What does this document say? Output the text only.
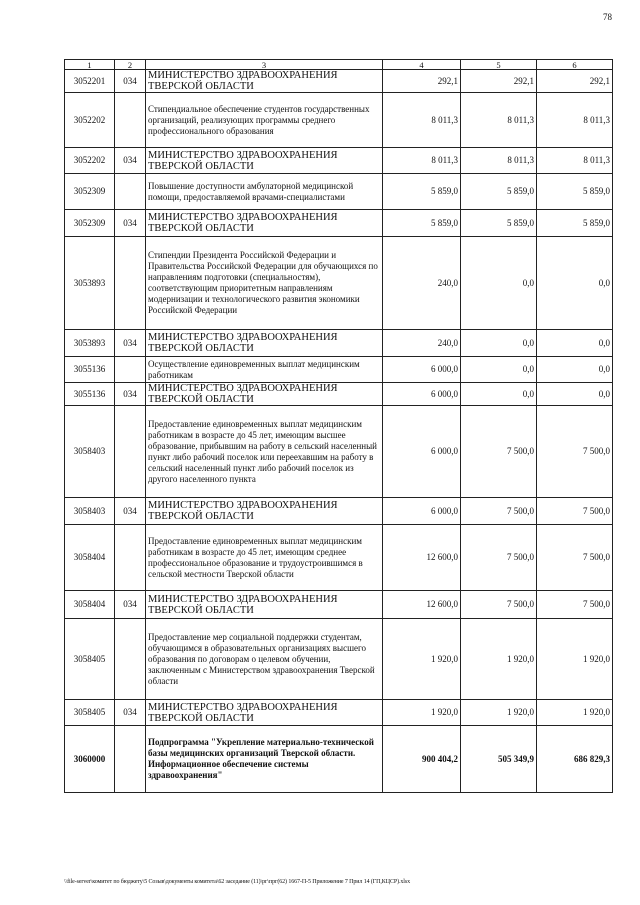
78
1	2	3	4	5	6
3052201	034	МИНИСТЕРСТВО ЗДРАВООХРАНЕНИЯ ТВЕРСКОЙ ОБЛАСТИ	292,1	292,1	292,1
3052202		Стипендиальное обеспечение студентов государственных организаций, реализующих программы среднего профессионального образования	8 011,3	8 011,3	8 011,3
3052202	034	МИНИСТЕРСТВО ЗДРАВООХРАНЕНИЯ ТВЕРСКОЙ ОБЛАСТИ	8 011,3	8 011,3	8 011,3
3052309		Повышение доступности амбулаторной медицинской помощи, предоставляемой врачами-специалистами	5 859,0	5 859,0	5 859,0
3052309	034	МИНИСТЕРСТВО ЗДРАВООХРАНЕНИЯ ТВЕРСКОЙ ОБЛАСТИ	5 859,0	5 859,0	5 859,0
3053893		Стипендии Президента Российской Федерации и Правительства Российской Федерации для обучающихся по направлениям подготовки (специальностям), соответствующим приоритетным направлениям модернизации и технологического развития экономики Российской Федерации	240,0	0,0	0,0
3053893	034	МИНИСТЕРСТВО ЗДРАВООХРАНЕНИЯ ТВЕРСКОЙ ОБЛАСТИ	240,0	0,0	0,0
3055136		Осуществление единовременных выплат медицинским работникам	6 000,0	0,0	0,0
3055136	034	МИНИСТЕРСТВО ЗДРАВООХРАНЕНИЯ ТВЕРСКОЙ ОБЛАСТИ	6 000,0	0,0	0,0
3058403		Предоставление единовременных выплат медицинским работникам в возрасте до 45 лет, имеющим высшее образование, прибывшим на работу в сельский населенный пункт либо рабочий поселок или переехавшим на работу в сельский населенный пункт либо рабочий поселок из другого населенного пункта	6 000,0	7 500,0	7 500,0
3058403	034	МИНИСТЕРСТВО ЗДРАВООХРАНЕНИЯ ТВЕРСКОЙ ОБЛАСТИ	6 000,0	7 500,0	7 500,0
3058404		Предоставление единовременных выплат медицинским работникам в возрасте до 45 лет, имеющим среднее профессиональное образование и трудоустроившимся в сельской местности Тверской области	12 600,0	7 500,0	7 500,0
3058404	034	МИНИСТЕРСТВО ЗДРАВООХРАНЕНИЯ ТВЕРСКОЙ ОБЛАСТИ	12 600,0	7 500,0	7 500,0
3058405		Предоставление мер социальной поддержки студентам, обучающимся в образовательных организациях высшего образования по договорам о целевом обучении, заключенным с Министерством здравоохранения Тверской области	1 920,0	1 920,0	1 920,0
3058405	034	МИНИСТЕРСТВО ЗДРАВООХРАНЕНИЯ ТВЕРСКОЙ ОБЛАСТИ	1 920,0	1 920,0	1 920,0
3060000		Подпрограмма "Укрепление материально-технической базы медицинских организаций Тверской области. Информационное обеспечение системы здравоохранения"	900 404,2	505 349,9	686 829,3
\\file-server\комитет по бюджету\5 Созыв\документы комитета\62 заседание (11)\рг\прг(62) 1667-П-5 Приложение 7 Прил 14 (ГП,КЦСР).xlsx
